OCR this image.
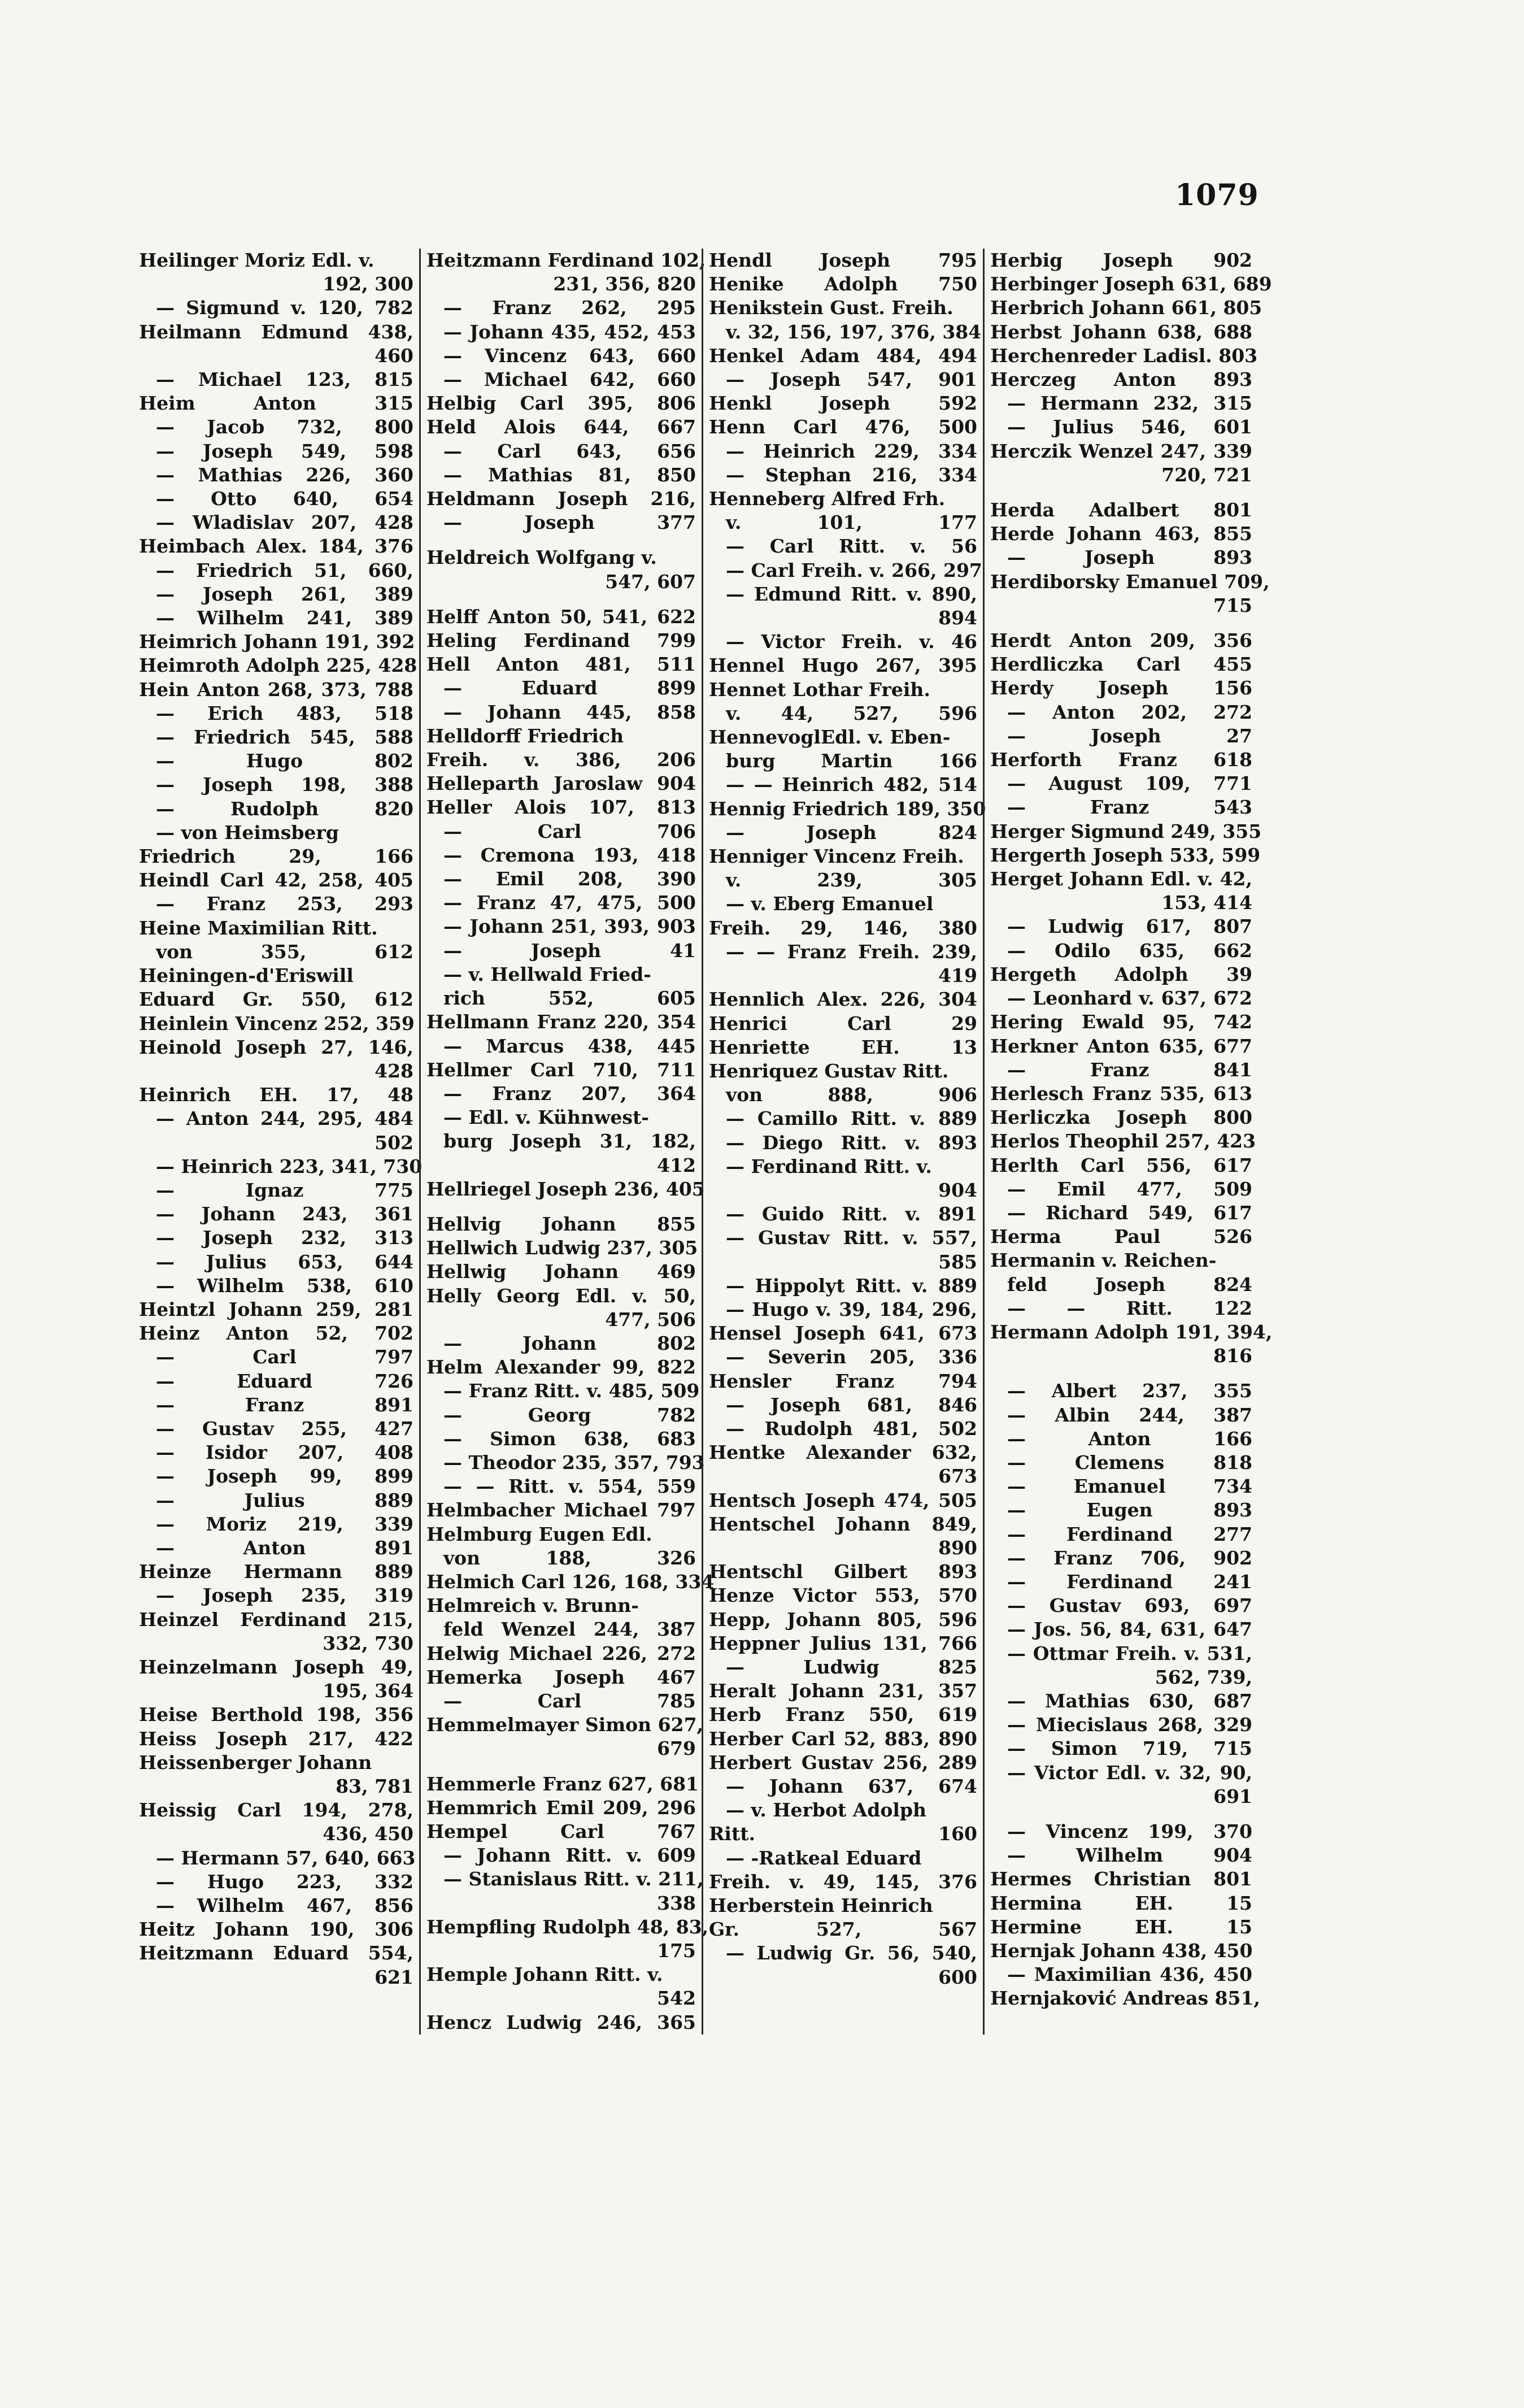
1079
Heilinger Moriz Edl. v.
192, 300
— Sigmund v. 120, 782
Heilmann Edmund 438,
460
— Michael 123, 815
Heim Anton 315
— Jacob 732, 800
— Joseph 549, 598
— Mathias 226, 360
— Otto 640, 654
— Wladislav 207, 428
Heimbach Alex. 184, 376
— Friedrich 51, 660,
— Joseph 261, 389
— Wilhelm 241, 389
Heimrich Johann 191, 392
Heimroth Adolph 225, 428
Hein Anton 268, 373, 788
— Erich 483, 518
— Friedrich 545, 588
— Hugo 802
— Joseph 198, 388
— Rudolph 820
— von Heimsberg
Friedrich 29, 166
Heindl Carl 42, 258, 405
— Franz 253, 293
Heine Maximilian Ritt.
von 355, 612
Heiningen-d'Eriswill
Eduard Gr. 550, 612
Heinlein Vincenz 252, 359
Heinold Joseph 27, 146,
428
Heinrich EH. 17, 48
— Anton 244, 295, 484
502
— Heinrich 223, 341, 730
— Ignaz 775
— Johann 243, 361
— Joseph 232, 313
— Julius 653, 644
— Wilhelm 538, 610
Heintzl Johann 259, 281
Heinz Anton 52, 702
— Carl 797
— Eduard 726
— Franz 891
— Gustav 255, 427
— Isidor 207, 408
— Joseph 99, 899
— Julius 889
— Moriz 219, 339
— Anton 891
Heinze Hermann 889
— Joseph 235, 319
Heinzel Ferdinand 215,
332, 730
Heinzelmann Joseph 49,
195, 364
Heise Berthold 198, 356
Heiss Joseph 217, 422
Heissenberger Johann
83, 781
Heissig Carl 194, 278,
436, 450
— Hermann 57, 640, 663
— Hugo 223, 332
— Wilhelm 467, 856
Heitz Johann 190, 306
Heitzmann Eduard 554,
621
Heitzmann Ferdinand 102,
231, 356, 820
— Franz 262, 295
— Johann 435, 452, 453
— Vincenz 643, 660
— Michael 642, 660
Helbig Carl 395, 806
Held Alois 644, 667
— Carl 643, 656
— Mathias 81, 850
Heldmann Joseph 216,
— Joseph 377
Heldreich Wolfgang v.
547, 607
Helff Anton 50, 541, 622
Heling Ferdinand 799
Hell Anton 481, 511
— Eduard 899
— Johann 445, 858
Helldorff Friedrich
Freih. v. 386, 206
Helleparth Jaroslaw 904
Heller Alois 107, 813
— Carl 706
— Cremona 193, 418
— Emil 208, 390
— Franz 47, 475, 500
— Johann 251, 393, 903
— Joseph 41
— v. Hellwald Fried-
rich 552, 605
Hellmann Franz 220, 354
— Marcus 438, 445
Hellmer Carl 710, 711
— Franz 207, 364
— Edl. v. Kühnwest-
burg Joseph 31, 182,
412
Hellriegel Joseph 236, 405
Hellvig Johann 855
Hellwich Ludwig 237, 305
Hellwig Johann 469
Helly Georg Edl. v. 50,
477, 506
— Johann 802
Helm Alexander 99, 822
— Franz Ritt. v. 485, 509
— Georg 782
— Simon 638, 683
— Theodor 235, 357, 793
— — Ritt. v. 554, 559
Helmbacher Michael 797
Helmburg Eugen Edl.
von 188, 326
Helmich Carl 126, 168, 334
Helmreich v. Brunn-
feld Wenzel 244, 387
Helwig Michael 226, 272
Hemerka Joseph 467
— Carl 785
Hemmelmayer Simon 627,
679
Hemmerle Franz 627, 681
Hemmrich Emil 209, 296
Hempel Carl 767
— Johann Ritt. v. 609
— Stanislaus Ritt. v. 211,
338
Hempfling Rudolph 48, 83,
175
Hemple Johann Ritt. v.
542
Hencz Ludwig 246, 365
Hendl Joseph 795
Henike Adolph 750
Henikstein Gust. Freih.
v. 32, 156, 197, 376, 384
Henkel Adam 484, 494
— Joseph 547, 901
Henkl Joseph 592
Henn Carl 476, 500
— Heinrich 229, 334
— Stephan 216, 334
Henneberg Alfred Frh.
v. 101, 177
— Carl Ritt. v. 56
— Carl Freih. v. 266, 297
— Edmund Ritt. v. 890,
894
— Victor Freih. v. 46
Hennel Hugo 267, 395
Hennet Lothar Freih.
v. 44, 527, 596
HennevoglEdl. v. Eben-
burg Martin 166
— — Heinrich 482, 514
Hennig Friedrich 189, 350
— Joseph 824
Henniger Vincenz Freih.
v. 239, 305
— v. Eberg Emanuel
Freih. 29, 146, 380
— — Franz Freih. 239,
419
Hennlich Alex. 226, 304
Henrici Carl 29
Henriette EH. 13
Henriquez Gustav Ritt.
von 888, 906
— Camillo Ritt. v. 889
— Diego Ritt. v. 893
— Ferdinand Ritt. v.
904
— Guido Ritt. v. 891
— Gustav Ritt. v. 557,
585
— Hippolyt Ritt. v. 889
— Hugo v. 39, 184, 296,
Hensel Joseph 641, 673
— Severin 205, 336
Hensler Franz 794
— Joseph 681, 846
— Rudolph 481, 502
Hentke Alexander 632,
673
Hentsch Joseph 474, 505
Hentschel Johann 849,
890
Hentschl Gilbert 893
Henze Victor 553, 570
Hepp, Johann 805, 596
Heppner Julius 131, 766
— Ludwig 825
Heralt Johann 231, 357
Herb Franz 550, 619
Herber Carl 52, 883, 890
Herbert Gustav 256, 289
— Johann 637, 674
— v. Herbot Adolph
Ritt. 160
— -Ratkeal Eduard
Freih. v. 49, 145, 376
Herberstein Heinrich
Gr. 527, 567
— Ludwig Gr. 56, 540,
600
Herbig Joseph 902
Herbinger Joseph 631, 689
Herbrich Johann 661, 805
Herbst Johann 638, 688
Herchenreder Ladisl. 803
Herczeg Anton 893
— Hermann 232, 315
— Julius 546, 601
Herczik Wenzel 247, 339
720, 721
Herda Adalbert 801
Herde Johann 463, 855
— Joseph 893
Herdiborsky Emanuel 709,
715
Herdt Anton 209, 356
Herdliczka Carl 455
Herdy Joseph 156
— Anton 202, 272
— Joseph 27
Herforth Franz 618
— August 109, 771
— Franz 543
Herger Sigmund 249, 355
Hergerth Joseph 533, 599
Herget Johann Edl. v. 42,
153, 414
— Ludwig 617, 807
— Odilo 635, 662
Hergeth Adolph 39
— Leonhard v. 637, 672
Hering Ewald 95, 742
Herkner Anton 635, 677
— Franz 841
Herlesch Franz 535, 613
Herliczka Joseph 800
Herlos Theophil 257, 423
Herlth Carl 556, 617
— Emil 477, 509
— Richard 549, 617
Herma Paul 526
Hermanin v. Reichen-
feld Joseph 824
— — Ritt. 122
Hermann Adolph 191, 394,
816
— Albert 237, 355
— Albin 244, 387
— Anton 166
— Clemens 818
— Emanuel 734
— Eugen 893
— Ferdinand 277
— Franz 706, 902
— Ferdinand 241
— Gustav 693, 697
— Jos. 56, 84, 631, 647
— Ottmar Freih. v. 531,
562, 739,
— Mathias 630, 687
— Miecislaus 268, 329
— Simon 719, 715
— Victor Edl. v. 32, 90,
691
— Vincenz 199, 370
— Wilhelm 904
Hermes Christian 801
Hermina EH. 15
Hermine EH. 15
Hernjak Johann 438, 450
— Maximilian 436, 450
Hernjaković Andreas 851,
